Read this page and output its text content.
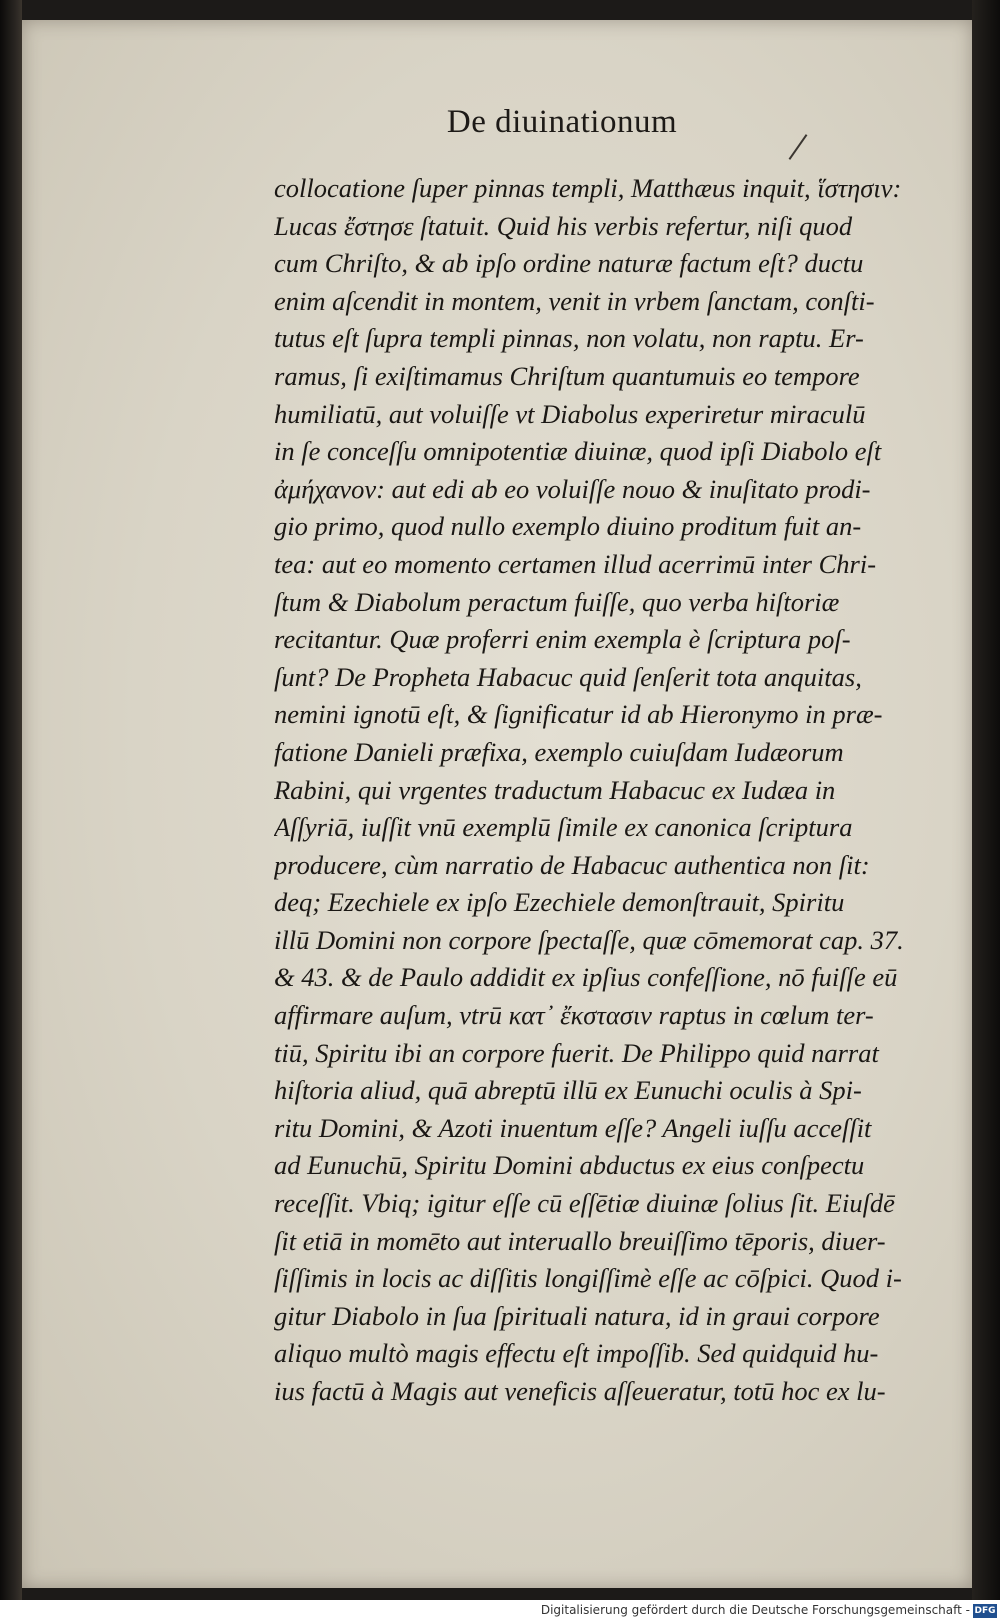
De diuinationum
collocatione ſuper pinnas templi, Matthæus inquit, ἵστησιν:
Lucas ἔστησε ſtatuit. Quid his verbis refertur, niſi quod
cum Chriſto, & ab ipſo ordine naturæ factum eſt? ductu
enim aſcendit in montem, venit in vrbem ſanctam, conſti-
tutus eſt ſupra templi pinnas, non volatu, non raptu. Er-
ramus, ſi exiſtimamus Chriſtum quantumuis eo tempore
humiliatū, aut voluiſſe vt Diabolus experiretur miraculū
in ſe conceſſu omnipotentiæ diuinæ, quod ipſi Diabolo eſt
ἀμήχανον: aut edi ab eo voluiſſe nouo & inuſitato prodi-
gio primo, quod nullo exemplo diuino proditum fuit an-
tea: aut eo momento certamen illud acerrimū inter Chri-
ſtum & Diabolum peractum fuiſſe, quo verba hiſtoriæ
recitantur. Quæ proferri enim exempla è ſcriptura poſ-
ſunt? De Propheta Habacuc quid ſenſerit tota anquitas,
nemini ignotū eſt, & ſignificatur id ab Hieronymo in præ-
fatione Danieli præfixa, exemplo cuiuſdam Iudæorum
Rabini, qui vrgentes traductum Habacuc ex Iudæa in
Aſſyriā, iuſſit vnū exemplū ſimile ex canonica ſcriptura
producere, cùm narratio de Habacuc authentica non ſit:
deq; Ezechiele ex ipſo Ezechiele demonſtrauit, Spiritu
illū Domini non corpore ſpectaſſe, quæ cōmemorat cap. 37.
& 43. & de Paulo addidit ex ipſius confeſſione, nō fuiſſe eū
affirmare auſum, vtrū κατ᾽ ἔκστασιν raptus in cœlum ter-
tiū, Spiritu ibi an corpore fuerit. De Philippo quid narrat
hiſtoria aliud, quā abreptū illū ex Eunuchi oculis à Spi-
ritu Domini, & Azoti inuentum eſſe? Angeli iuſſu acceſſit
ad Eunuchū, Spiritu Domini abductus ex eius conſpectu
receſſit. Vbiq; igitur eſſe cū eſſētiæ diuinæ ſolius ſit. Eiuſdē
ſit etiā in momēto aut interuallo breuiſſimo tēporis, diuer-
ſiſſimis in locis ac diſſitis longiſſimè eſſe ac cōſpici. Quod i-
gitur Diabolo in ſua ſpirituali natura, id in graui corpore
aliquo multò magis effectu eſt impoſſib. Sed quidquid hu-
ius factū à Magis aut veneficis aſſeueratur, totū hoc ex lu-
Digitalisierung gefördert durch die Deutsche Forschungsgemeinschaft - DFG
